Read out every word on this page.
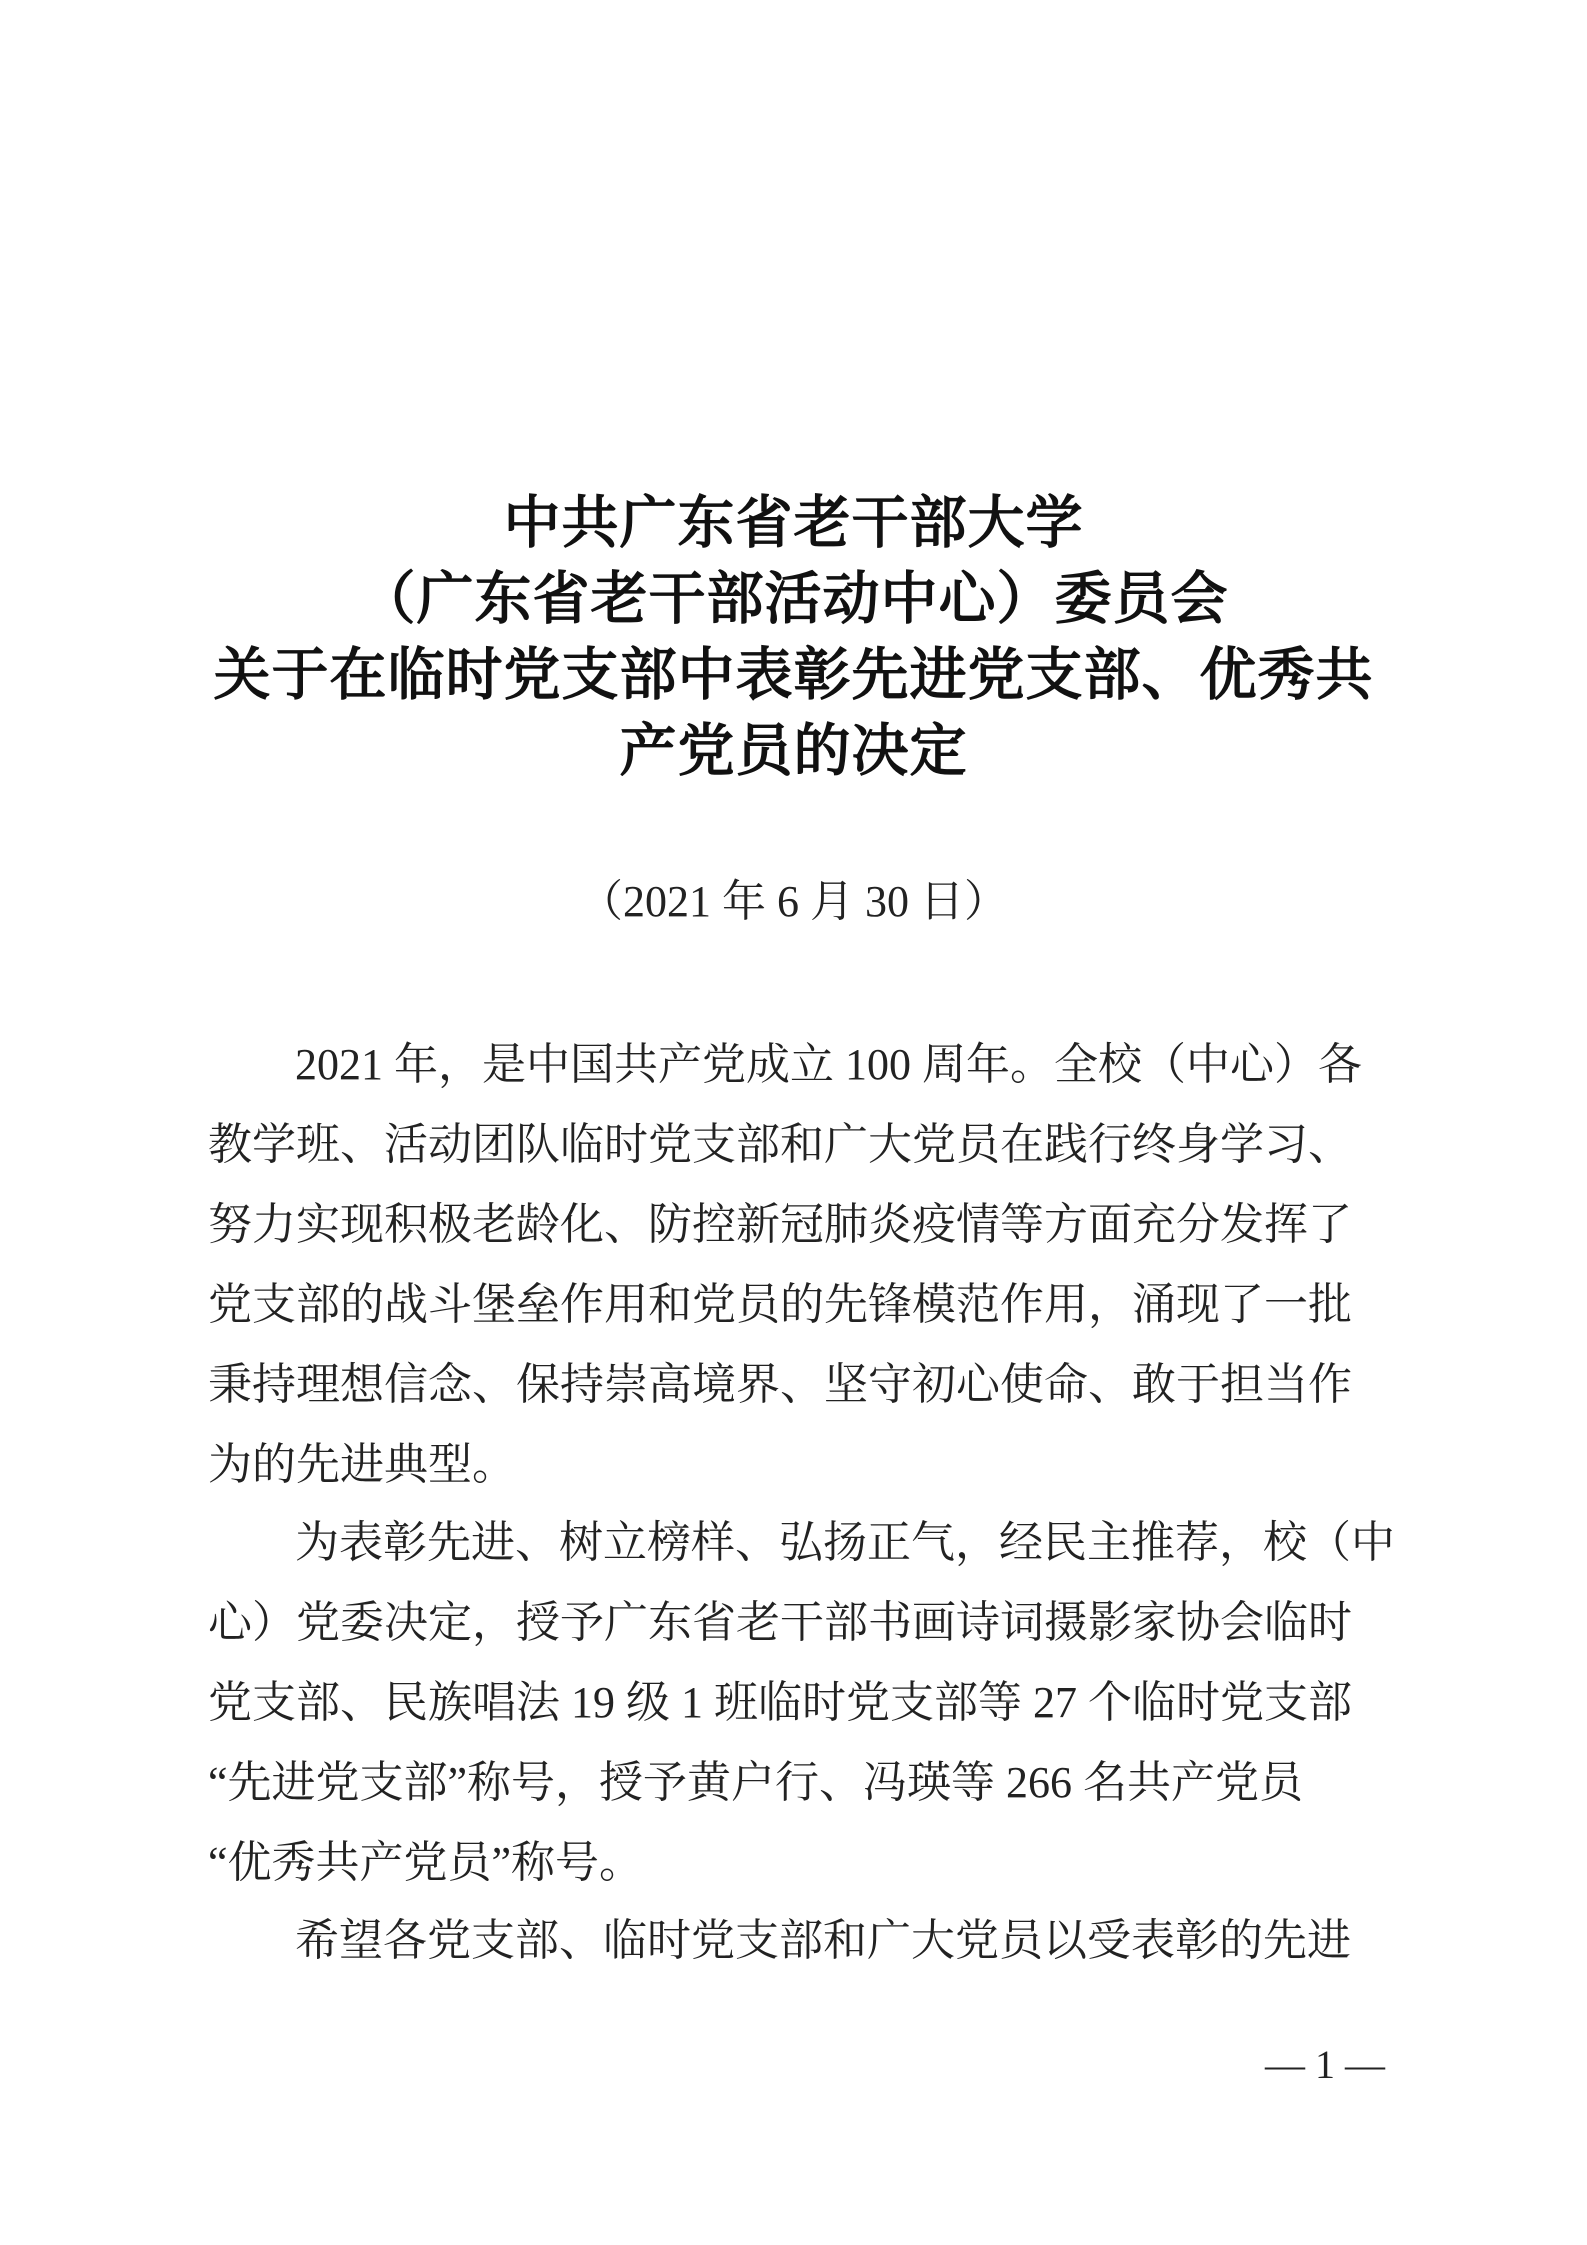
中共广东省老干部大学
（广东省老干部活动中心）委员会
关于在临时党支部中表彰先进党支部、优秀共
产党员的决定
（2021 年 6 月 30 日）
2021 年，是中国共产党成立 100 周年。全校（中心）各
教学班、活动团队临时党支部和广大党员在践行终身学习、
努力实现积极老龄化、防控新冠肺炎疫情等方面充分发挥了
党支部的战斗堡垒作用和党员的先锋模范作用，涌现了一批
秉持理想信念、保持崇高境界、坚守初心使命、敢于担当作
为的先进典型。
为表彰先进、树立榜样、弘扬正气，经民主推荐，校（中
心）党委决定，授予广东省老干部书画诗词摄影家协会临时
党支部、民族唱法 19 级 1 班临时党支部等 27 个临时党支部
“先进党支部”称号，授予黄户行、冯瑛等 266 名共产党员
“优秀共产党员”称号。
希望各党支部、临时党支部和广大党员以受表彰的先进
— 1 —
